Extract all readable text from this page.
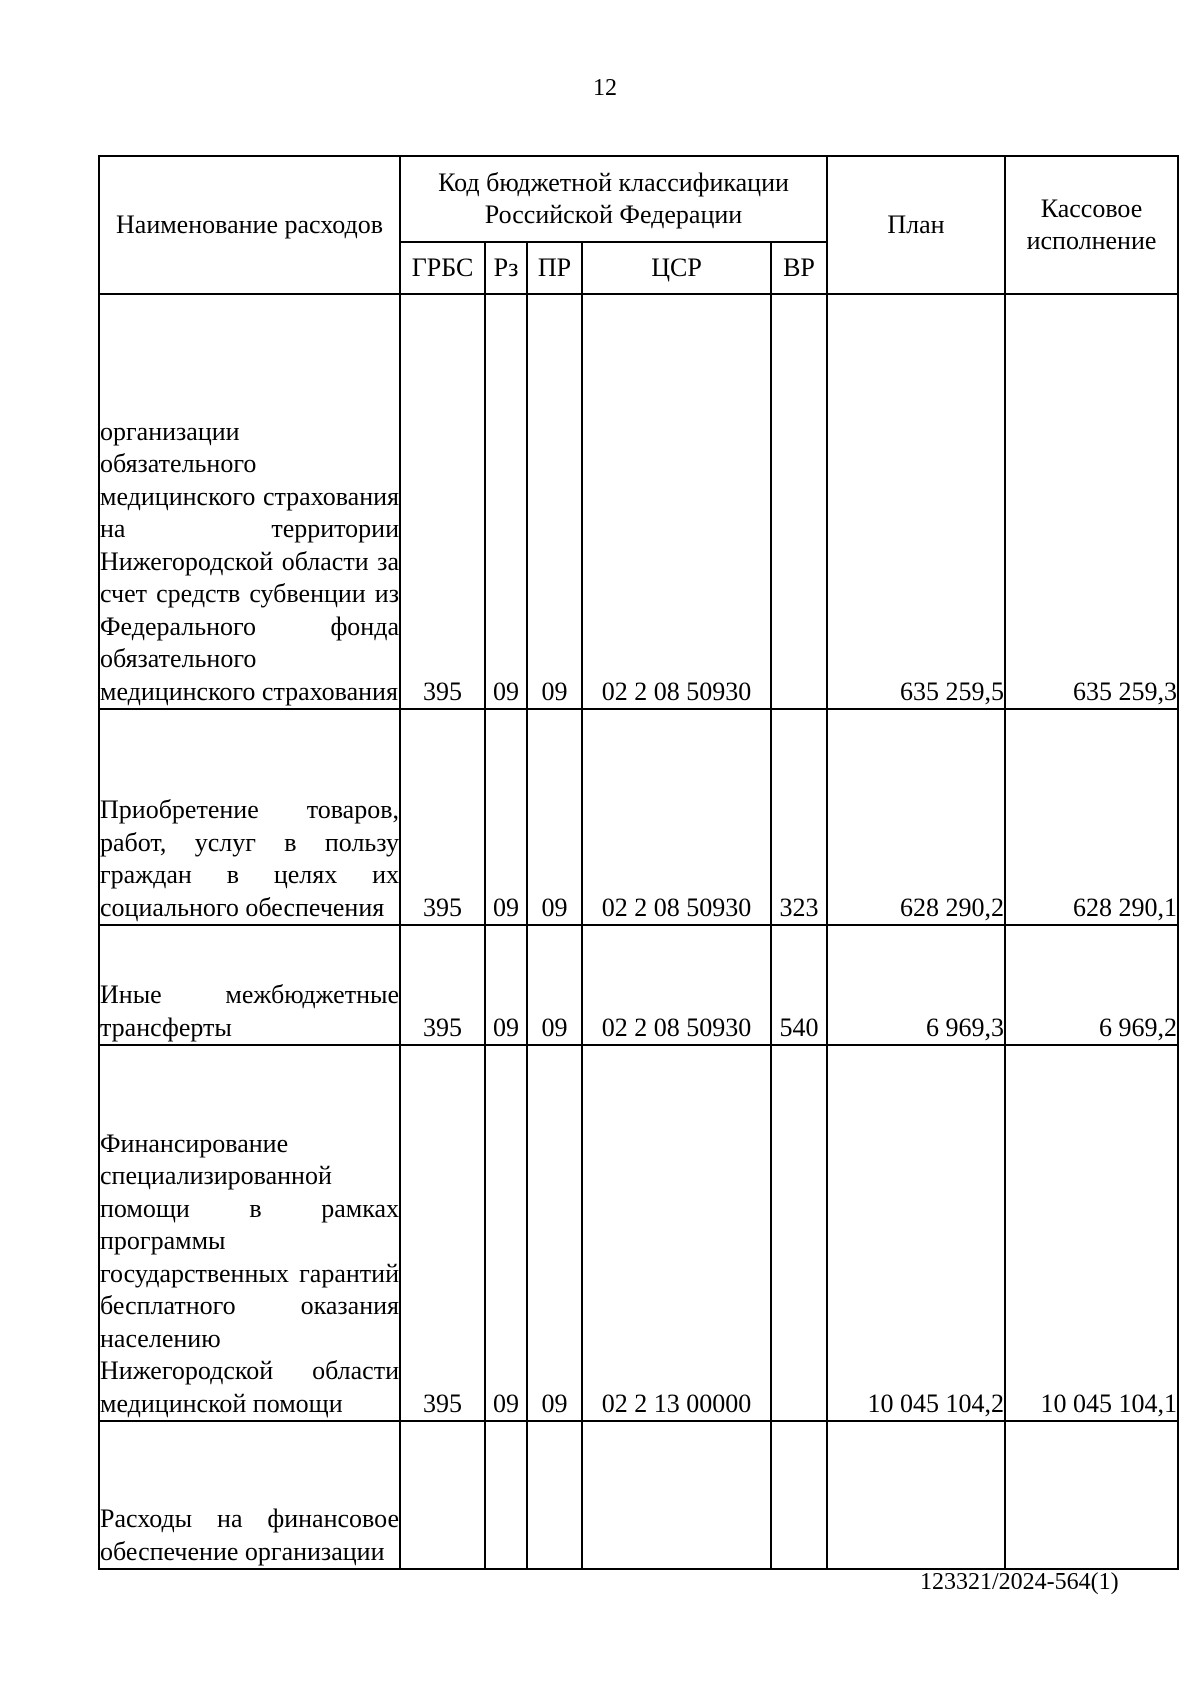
12
Наименование расходов	Код бюджетной классификации Российской Федерации					План	Кассовое исполнение
	ГРБС	Рз	ПР	ЦСР	ВР		
организации обязательного медицинского страхования на территории Нижегородской области за счет средств субвенции из Федерального фонда обязательного медицинского страхования	395	09	09	02 2 08 50930		635 259,5	635 259,3
Приобретение товаров, работ, услуг в пользу граждан в целях их социального обеспечения	395	09	09	02 2 08 50930	323	628 290,2	628 290,1
Иные межбюджетные трансферты	395	09	09	02 2 08 50930	540	6 969,3	6 969,2
Финансирование специализированной помощи в рамках программы государственных гарантий бесплатного оказания населению Нижегородской области медицинской помощи	395	09	09	02 2 13 00000		10 045 104,2	10 045 104,1
Расходы на финансовое обеспечение организации							
123321/2024-564(1)
